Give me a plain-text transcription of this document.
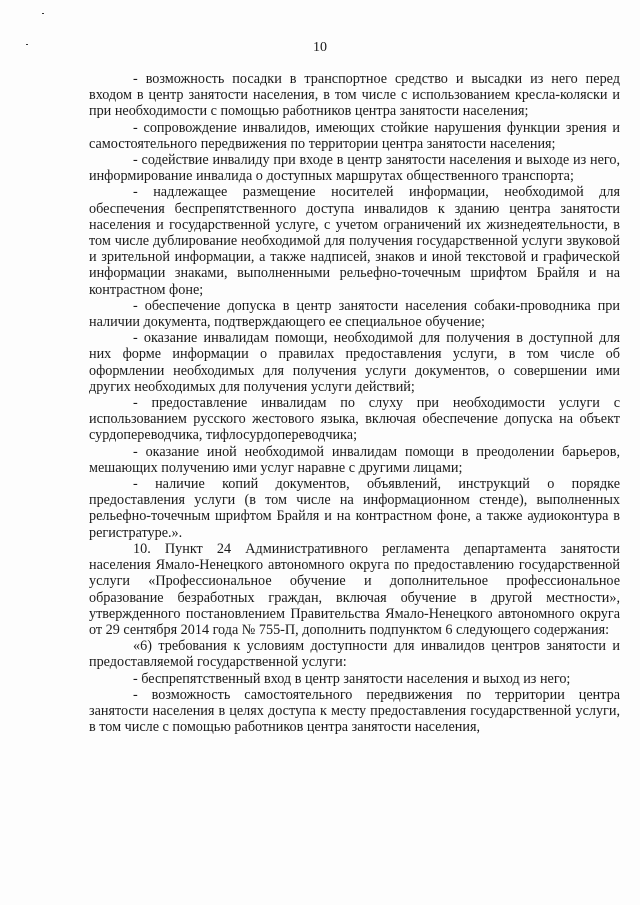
10

- возможность посадки в транспортное средство и высадки из него перед входом в центр занятости населения, в том числе с использованием кресла-коляски и при необходимости с помощью работников центра занятости населения;

- сопровождение инвалидов, имеющих стойкие нарушения функции зрения и самостоятельного передвижения по территории центра занятости населения;

- содействие инвалиду при входе в центр занятости населения и выходе из него, информирование инвалида о доступных маршрутах общественного транспорта;

- надлежащее размещение носителей информации, необходимой для обеспечения беспрепятственного доступа инвалидов к зданию центра занятости населения и государственной услуге, с учетом ограничений их жизнедеятельности, в том числе дублирование необходимой для получения государственной услуги звуковой и зрительной информации, а также надписей, знаков и иной текстовой и графической информации знаками, выполненными рельефно-точечным шрифтом Брайля и на контрастном фоне;

- обеспечение допуска в центр занятости населения собаки-проводника при наличии документа, подтверждающего ее специальное обучение;

- оказание инвалидам помощи, необходимой для получения в доступной для них форме информации о правилах предоставления услуги, в том числе об оформлении необходимых для получения услуги документов, о совершении ими других необходимых для получения услуги действий;

- предоставление инвалидам по слуху при необходимости услуги с использованием русского жестового языка, включая обеспечение допуска на объект сурдопереводчика, тифлосурдопереводчика;

- оказание иной необходимой инвалидам помощи в преодолении барьеров, мешающих получению ими услуг наравне с другими лицами;

- наличие копий документов, объявлений, инструкций о порядке предоставления услуги (в том числе на информационном стенде), выполненных рельефно-точечным шрифтом Брайля и на контрастном фоне, а также аудиоконтура в регистратуре.».

10. Пункт 24 Административного регламента департамента занятости населения Ямало-Ненецкого автономного округа по предоставлению государственной услуги «Профессиональное обучение и дополнительное профессиональное образование безработных граждан, включая обучение в другой местности», утвержденного постановлением Правительства Ямало-Ненецкого автономного округа от 29 сентября 2014 года № 755-П, дополнить подпунктом 6 следующего содержания:

«6) требования к условиям доступности для инвалидов центров занятости и предоставляемой государственной услуги:

- беспрепятственный вход в центр занятости населения и выход из него;

- возможность самостоятельного передвижения по территории центра занятости населения в целях доступа к месту предоставления государственной услуги, в том числе с помощью работников центра занятости населения,
